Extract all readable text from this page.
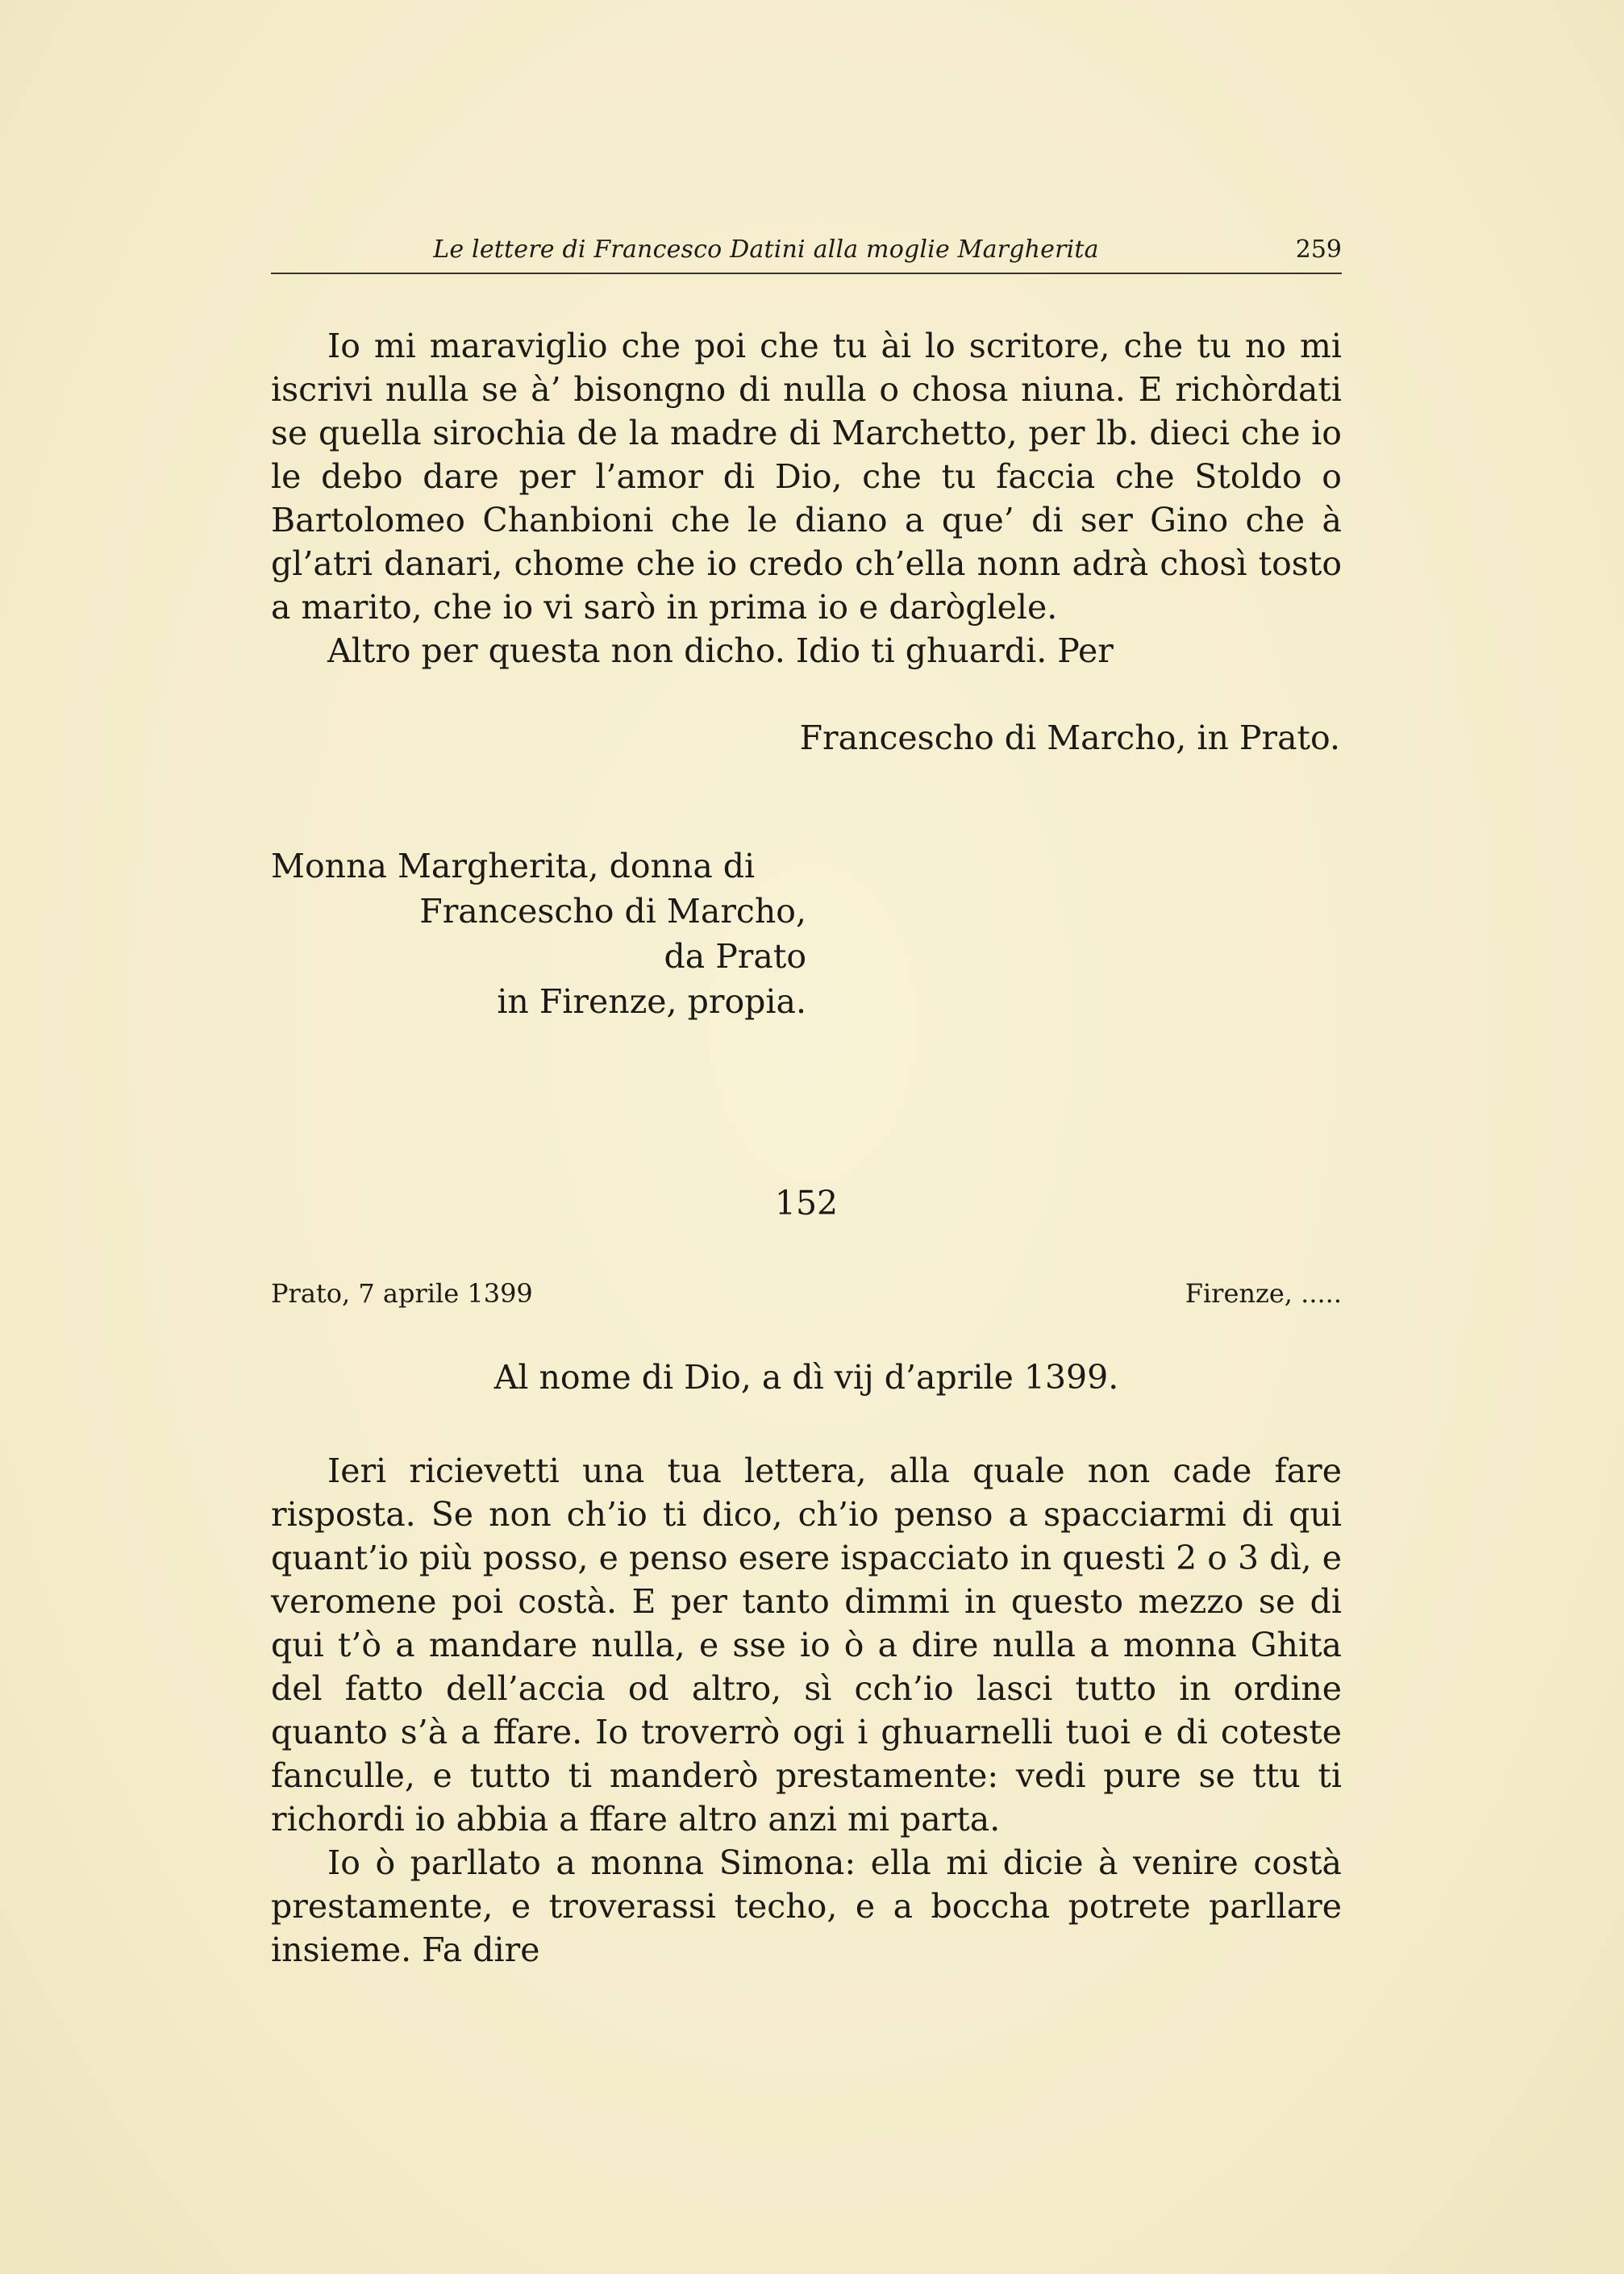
Le lettere di Francesco Datini alla moglie Margherita	259

Io mi maraviglio che poi che tu ài lo scritore, che tu no mi iscrivi nulla se à’ bisongno di nulla o chosa niuna. E richòrdati se quella sirochia de la madre di Marchetto, per lb. dieci che io le debo dare per l’amor di Dio, che tu faccia che Stoldo o Bartolomeo Chanbioni che le diano a que’ di ser Gino che à gl’atri danari, chome che io credo ch’ella nonn adrà chosì tosto a marito, che io vi sarò in prima io e daròglele.

Altro per questa non dicho. Idio ti ghuardi. Per

Francescho di Marcho, in Prato.
Monna Margherita, donna di
Francescho di Marcho,
da Prato
in Firenze, propia.
152
Prato, 7 aprile 1399	Firenze, .....
Al nome di Dio, a dì vij d’aprile 1399.

Ieri ricievetti una tua lettera, alla quale non cade fare risposta. Se non ch’io ti dico, ch’io penso a spacciarmi di qui quant’io più posso, e penso esere ispacciato in questi 2 o 3 dì, e veromene poi costà. E per tanto dimmi in questo mezzo se di qui t’ò a mandare nulla, e sse io ò a dire nulla a monna Ghita del fatto dell’accia od altro, sì cch’io lasci tutto in ordine quanto s’à a ffare. Io troverrò ogi i ghuarnelli tuoi e di coteste fanculle, e tutto ti manderò prestamente: vedi pure se ttu ti richordi io abbia a ffare altro anzi mi parta.

Io ò parllato a monna Simona: ella mi dicie à venire costà prestamente, e troverassi techo, e a boccha potrete parllare insieme. Fa dire
